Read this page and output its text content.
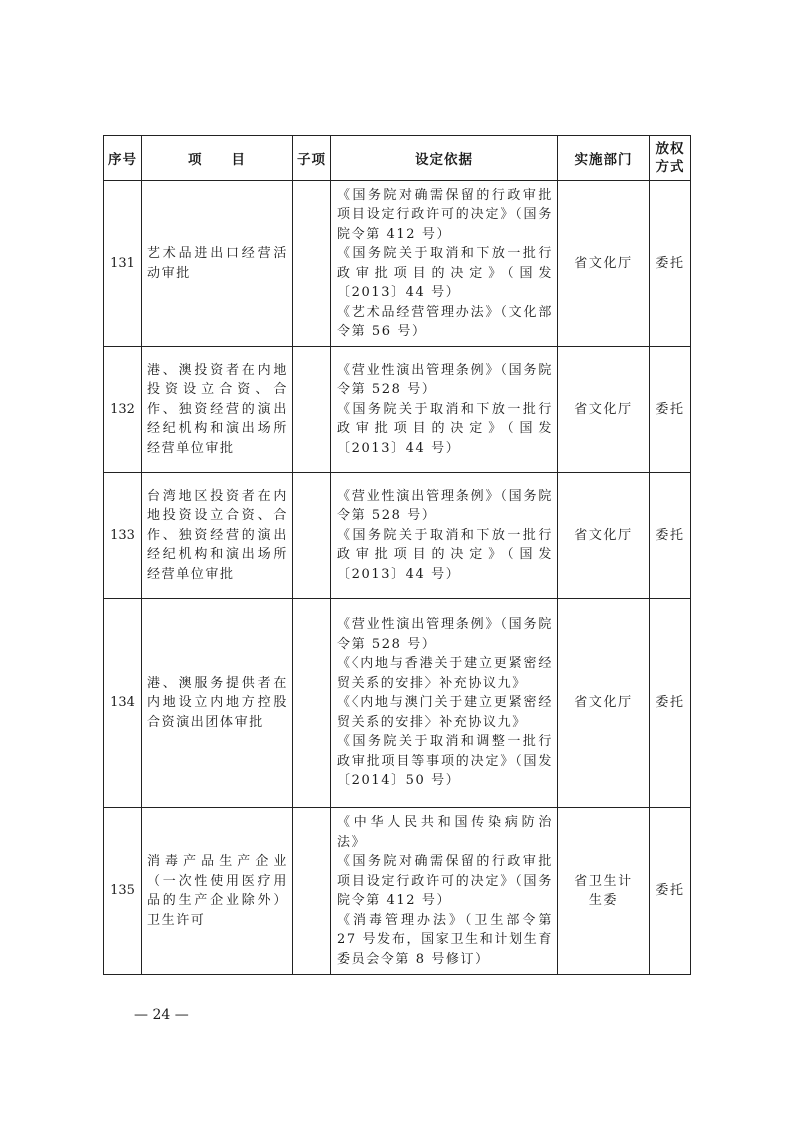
序号	项　　目	子项	设定依据	实施部门	放权方式
131	艺术品进出口经营活动审批		《国务院对确需保留的行政审批项目设定行政许可的决定》（国务院令第 412 号）
《国务院关于取消和下放一批行政审批项目的决定》（国发〔2013〕44 号）
《艺术品经营管理办法》（文化部令第 56 号）	省文化厅	委托
132	港、澳投资者在内地投资设立合资、合作、独资经营的演出经纪机构和演出场所经营单位审批		《营业性演出管理条例》（国务院令第 528 号）
《国务院关于取消和下放一批行政审批项目的决定》（国发〔2013〕44 号）	省文化厅	委托
133	台湾地区投资者在内地投资设立合资、合作、独资经营的演出经纪机构和演出场所经营单位审批		《营业性演出管理条例》（国务院令第 528 号）
《国务院关于取消和下放一批行政审批项目的决定》（国发〔2013〕44 号）	省文化厅	委托
134	港、澳服务提供者在内地设立内地方控股合资演出团体审批		《营业性演出管理条例》（国务院令第 528 号）
《〈内地与香港关于建立更紧密经贸关系的安排〉补充协议九》
《〈内地与澳门关于建立更紧密经贸关系的安排〉补充协议九》
《国务院关于取消和调整一批行政审批项目等事项的决定》（国发〔2014〕50 号）	省文化厅	委托
135	消毒产品生产企业（一次性使用医疗用品的生产企业除外）卫生许可		《中华人民共和国传染病防治法》
《国务院对确需保留的行政审批项目设定行政许可的决定》（国务院令第 412 号）
《消毒管理办法》（卫生部令第 27 号发布，国家卫生和计划生育委员会令第 8 号修订）	省卫生计生委	委托
— 24 —
